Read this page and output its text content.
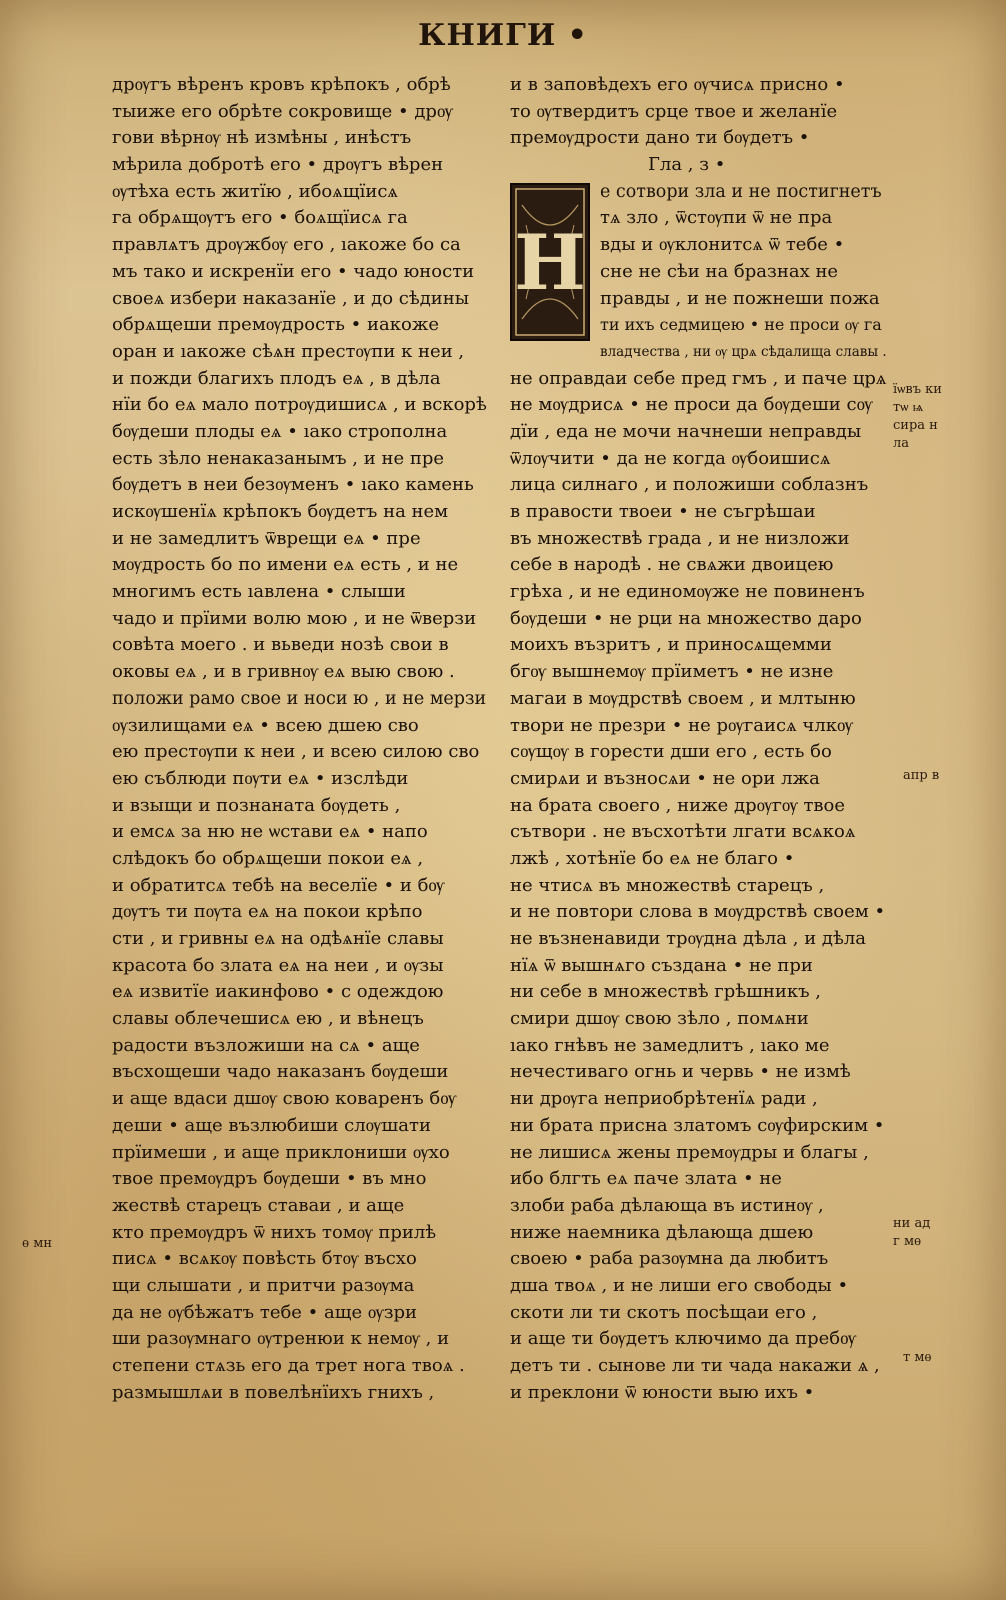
КНИГИ •
дрѹгъ вѣренъ кровъ крѣпокъ , обрѣ
тыиже его обрѣте сокровище • дрѹ
гови вѣрнѹ нѣ измѣны , инѣстъ
мѣрила добротѣ его • дрѹгъ вѣрен
ѹтѣха есть житїю , ибоѧщїисѧ
га обрѧщѹтъ его • боѧщїисѧ га
правлѧтъ дрѹжбѹ его , ıакоже бо са
мъ тако и искренїи его • чадо юности
своеѧ избери наказанїе , и до сѣдины
обрѧщеши премѹдрость • иакоже
оран и ıакоже сѣѧн престѹпи к неи ,
и пожди благихъ плодъ еѧ , в дѣла
нїи бо еѧ мало потрѹдишисѧ , и вскорѣ
бѹдеши плоды еѧ • ıако строполна
есть зѣло ненаказанымъ , и не пре
бѹдетъ в неи безѹменъ • ıако камень
искѹшенїѧ крѣпокъ бѹдетъ на нем
и не замедлитъ ѿврещи еѧ • пре
мѹдрость бо по имени еѧ есть , и не
многимъ есть ıавлена • слыши
чадо и прїими волю мою , и не ѿверзи
совѣта моего . и вьведи нозѣ свои в
оковы еѧ , и в гривнѹ еѧ выю свою .
положи рамо свое и носи ю , и не мерзи
ѹзилищами еѧ • всею дшею сво
ею престѹпи к неи , и всею силою сво
ею съблюди пѹти еѧ • изслѣди
и взыщи и познаната бѹдеть ,
и емсѧ за ню не ѡстави еѧ • напо
слѣдокъ бо обрѧщеши покои еѧ ,
и обратитсѧ тебѣ на веселїе • и бѹ
дѹтъ ти пѹта еѧ на покои крѣпо
сти , и гривны еѧ на одѣѧнїе славы
красота бо злата еѧ на неи , и ѹзы
еѧ извитїе иакинфово • с одеждою
славы облечешисѧ ею , и вѣнецъ
радости възложиши на сѧ • аще
въсхощеши чадо наказанъ бѹдеши
и аще вдаси дшѹ свою коваренъ бѹ
деши • аще възлюбиши слѹшати
прїимеши , и аще приклониши ѹхо
твое премѹдръ бѹдеши • въ мно
жествѣ старецъ ставаи , и аще
кто премѹдръ ѿ нихъ томѹ прилѣ
писѧ • всѧкѹ повѣсть бтѹ въсхо
щи слышати , и притчи разѹма
да не ѹбѣжатъ тебе • аще ѹзри
ши разѹмнаго ѹтренюи к немѹ , и
степени стѧзь его да трет нога твоѧ .
размышлѧи в повелѣнїихъ гнихъ ,
и в заповѣдехъ его ѹчисѧ присно •
то ѹтвердитъ срце твое и желанїе
премѹдрости дано ти бѹдетъ •
Гла , з •
Н
е сотвори зла и не постигнетъ
тѧ зло , ѿстѹпи ѿ не пра
вды и ѹклонитсѧ ѿ тебе •
сне не сѣи на бразнах не
правды , и не пожнеши пожа
ти ихъ седмицею • не проси ѹ га
владчества , ни ѹ црѧ сѣдалища славы .
не оправдаи себе пред гмъ , и паче црѧ
не мѹдрисѧ • не проси да бѹдеши сѹ
дїи , еда не мочи начнеши неправды
ѿлѹчити • да не когда ѹбоишисѧ
лица силнаго , и положиши соблазнъ
в правости твоеи • не съгрѣшаи
въ множествѣ града , и не низложи
себе в народѣ . не свѧжи двоицею
грѣха , и не единомѹже не повиненъ
бѹдеши • не рци на множество даро
моихъ възритъ , и приносѧщемми
бгѹ вышнемѹ прїиметъ • не изне
магаи в мѹдрствѣ своем , и млтыню
твори не презри • не рѹгаисѧ члкѹ
сѹщѹ в горести дши его , есть бо
смирѧи и възносѧи • не ори лжа
на брата своего , ниже дрѹгѹ твое
сътвори . не въсхотѣти лгати всѧкоѧ
лжѣ , хотѣнїе бо еѧ не благо •
не чтисѧ въ множествѣ старецъ ,
и не повтори слова в мѹдрствѣ своем •
не възненавиди трѹдна дѣла , и дѣла
нїѧ ѿ вышнѧго създана • не при
ни себе в множествѣ грѣшникъ ,
смири дшѹ свою зѣло , помѧни
ıако гнѣвъ не замедлитъ , ıако ме
нечестиваго огнь и червь • не измѣ
ни дрѹга неприобрѣтенїѧ ради ,
ни брата присна златомъ сѹфирским •
не лишисѧ жены премѹдры и благы ,
ибо блгть еѧ паче злата • не
злоби раба дѣлающа въ истинѹ ,
ниже наемника дѣлающа дшею
своею • раба разѹмна да любитъ
дша твоѧ , и не лиши его свободы •
скоти ли ти скотъ посѣщаи его ,
и аще ти бѹдетъ ключимо да пребѹ
детъ ти . сынове ли ти чада накажи ѧ ,
и преклони ѿ юности выю ихъ •
їѡвъ ки
тѡ ѩ
сира н
ла
апр в
ни ад
г мѳ
т мѳ
ѳ мн
